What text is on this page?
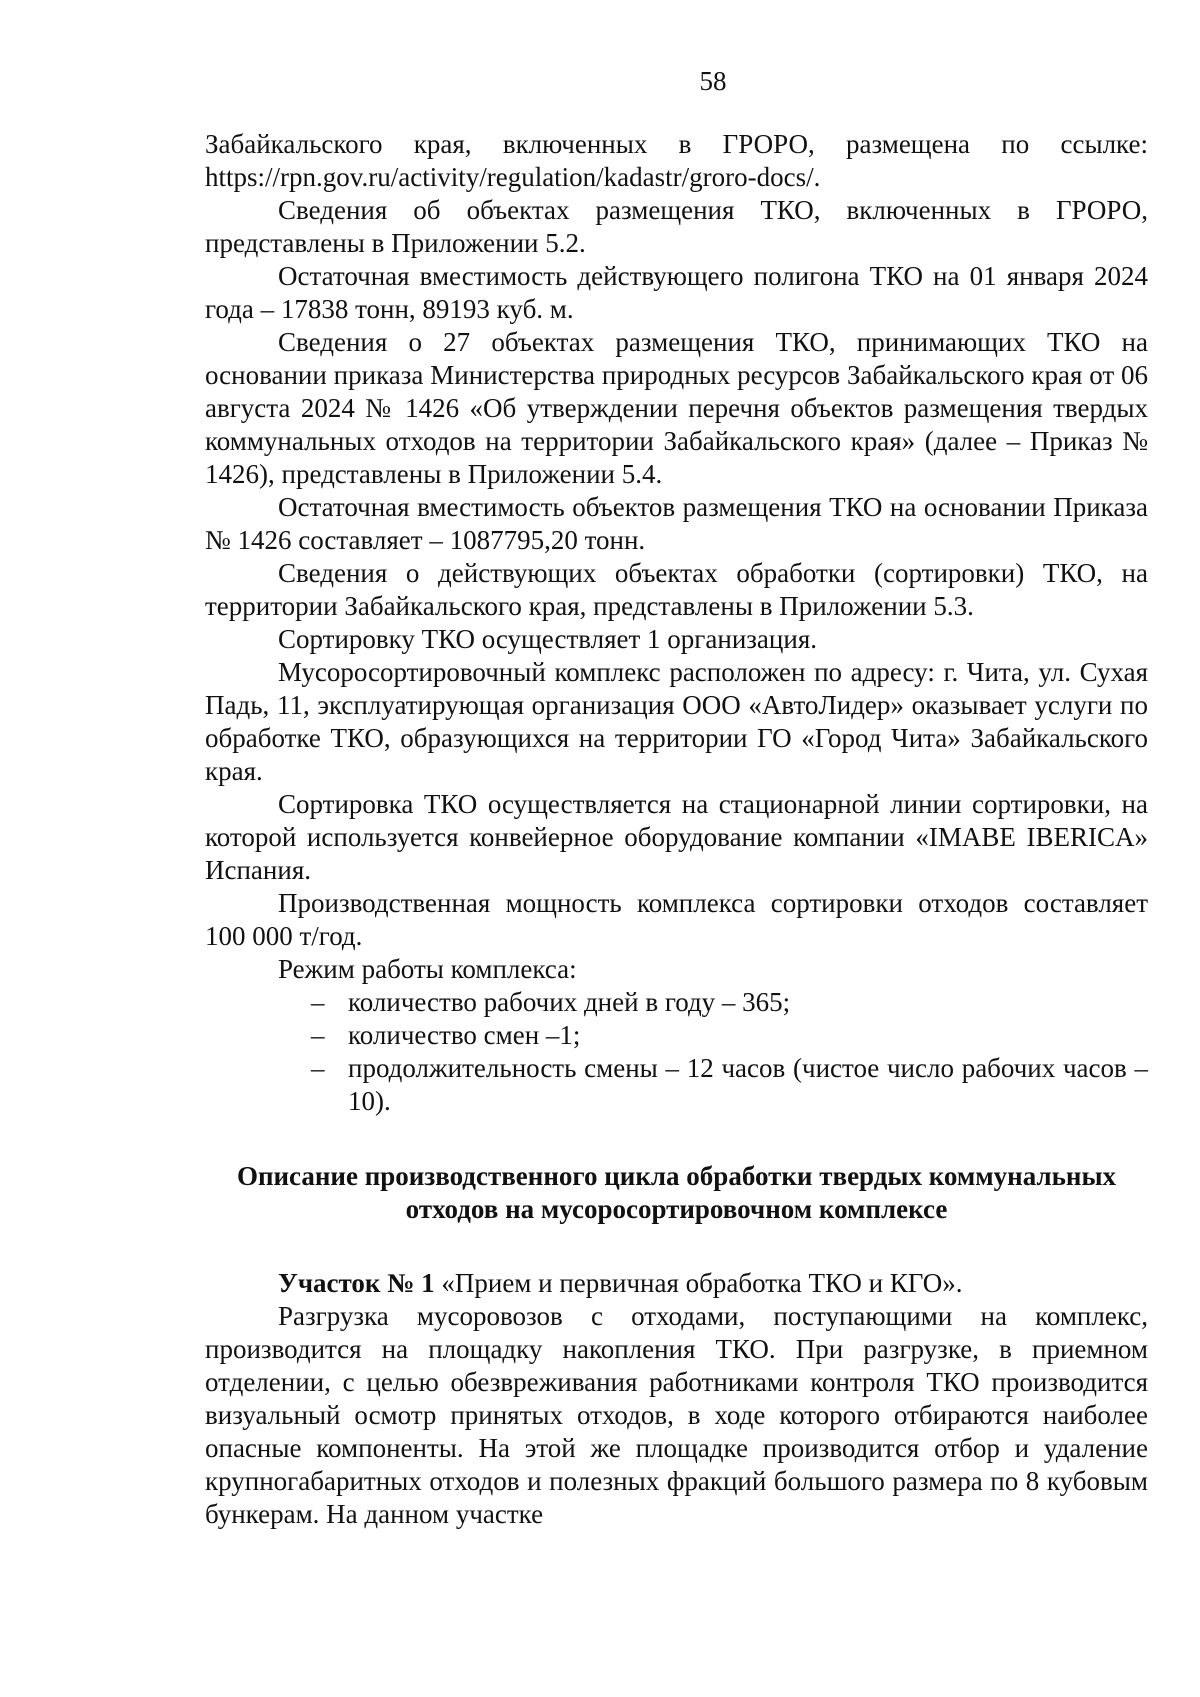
58

Забайкальского края, включенных в ГРОРО, размещена по ссылке: https://rpn.gov.ru/activity/regulation/kadastr/groro-docs/.

Сведения об объектах размещения ТКО, включенных в ГРОРО, представлены в Приложении 5.2.

Остаточная вместимость действующего полигона ТКО на 01 января 2024 года – 17838 тонн, 89193 куб. м.

Сведения о 27 объектах размещения ТКО, принимающих ТКО на основании приказа Министерства природных ресурсов Забайкальского края от 06 августа 2024 № 1426 «Об утверждении перечня объектов размещения твердых коммунальных отходов на территории Забайкальского края» (далее – Приказ № 1426), представлены в Приложении 5.4.

Остаточная вместимость объектов размещения ТКО на основании Приказа № 1426 составляет – 1087795,20 тонн.

Сведения о действующих объектах обработки (сортировки) ТКО, на территории Забайкальского края, представлены в Приложении 5.3.

Сортировку ТКО осуществляет 1 организация.

Мусоросортировочный комплекс расположен по адресу: г. Чита, ул. Сухая Падь, 11, эксплуатирующая организация ООО «АвтоЛидер» оказывает услуги по обработке ТКО, образующихся на территории ГО «Город Чита» Забайкальского края.

Сортировка ТКО осуществляется на стационарной линии сортировки, на которой используется конвейерное оборудование компании «IMABE IBERICA» Испания.

Производственная мощность комплекса сортировки отходов составляет 100 000 т/год.

Режим работы комплекса:

– количество рабочих дней в году – 365;
– количество смен –1;
– продолжительность смены – 12 часов (чистое число рабочих часов – 10).
Описание производственного цикла обработки твердых коммунальных
отходов на мусоросортировочном комплексе

Участок № 1 «Прием и первичная обработка ТКО и КГО».

Разгрузка мусоровозов с отходами, поступающими на комплекс, производится на площадку накопления ТКО. При разгрузке, в приемном отделении, с целью обезвреживания работниками контроля ТКО производится визуальный осмотр принятых отходов, в ходе которого отбираются наиболее опасные компоненты. На этой же площадке производится отбор и удаление крупногабаритных отходов и полезных фракций большого размера по 8 кубовым бункерам. На данном участке
